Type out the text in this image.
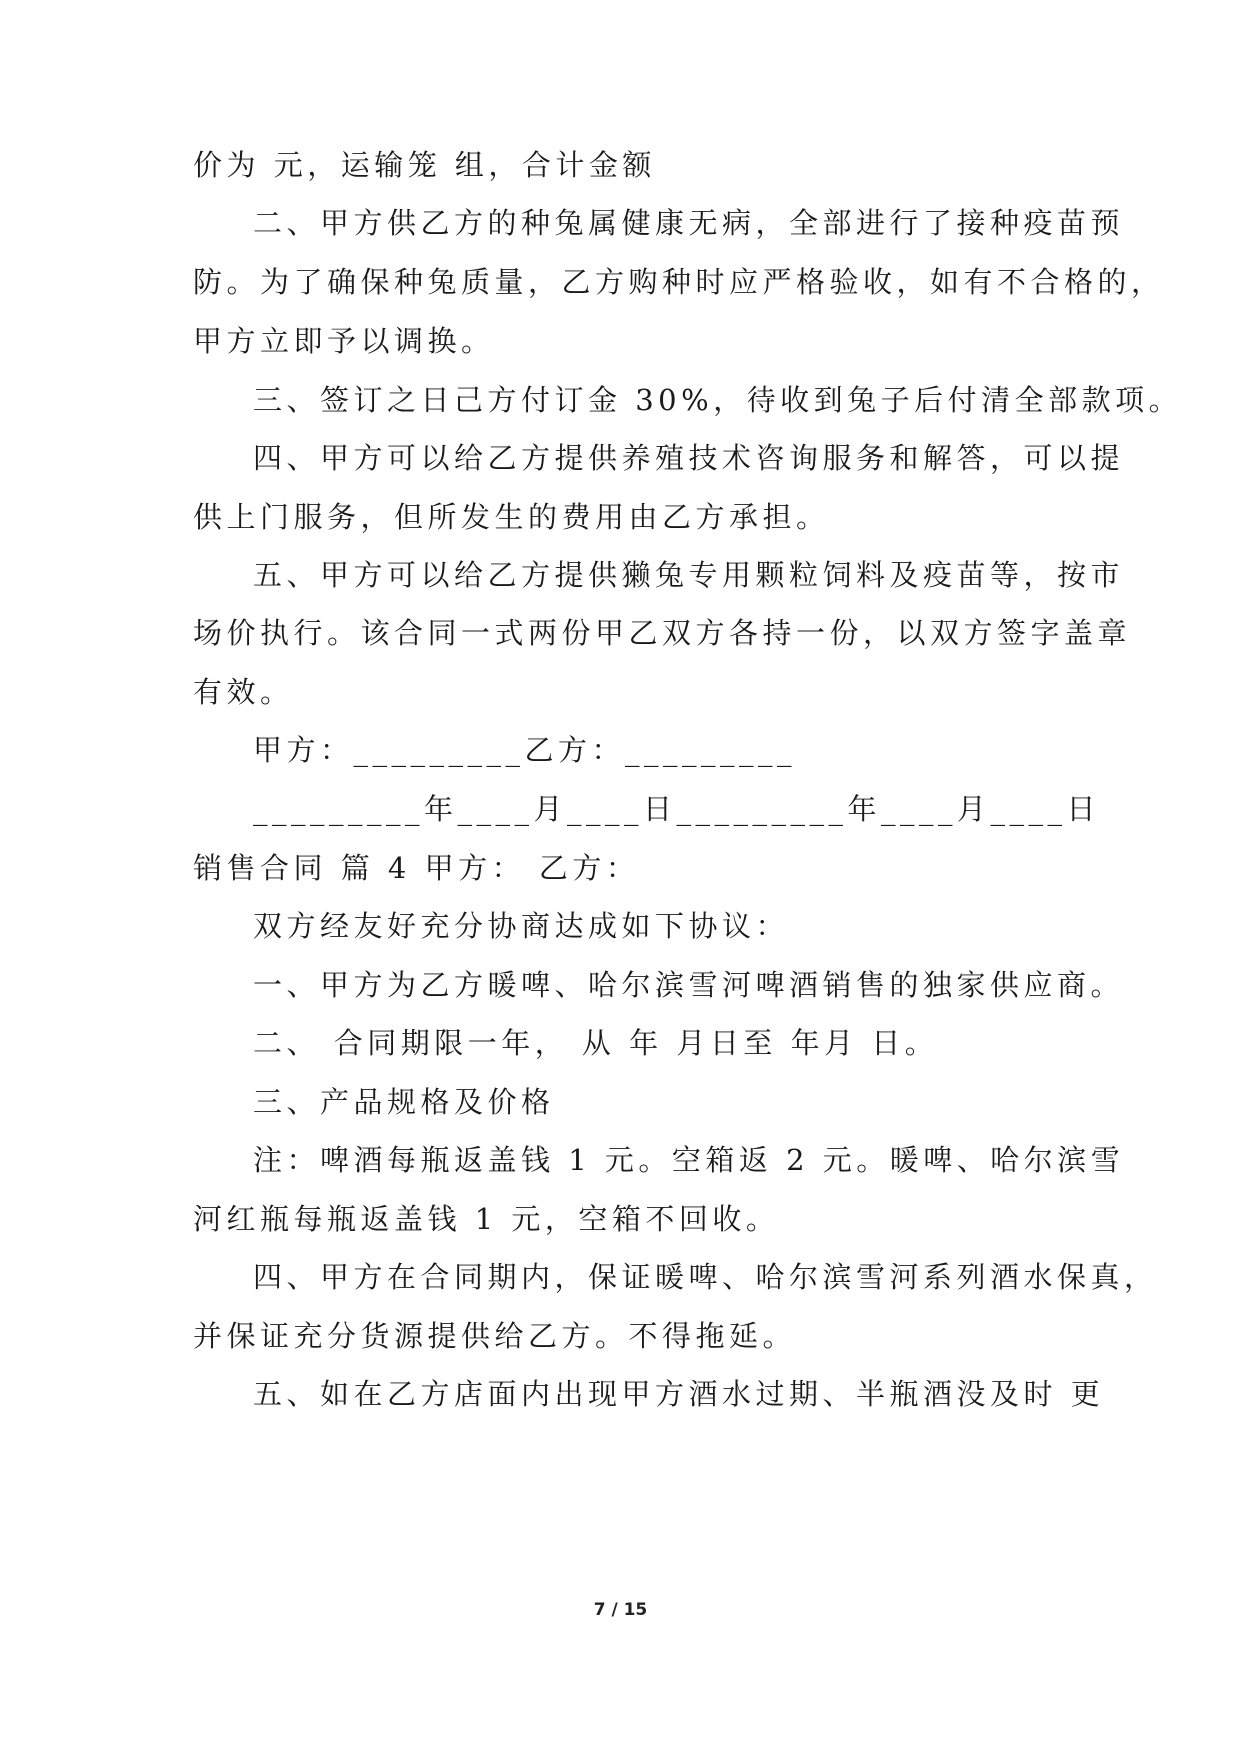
价为 元，运输笼 组，合计金额
二、甲方供乙方的种兔属健康无病，全部进行了接种疫苗预
防。为了确保种兔质量，乙方购种时应严格验收，如有不合格的，
甲方立即予以调换。
三、签订之日己方付订金 30%，待收到兔子后付清全部款项。
四、甲方可以给乙方提供养殖技术咨询服务和解答，可以提
供上门服务，但所发生的费用由乙方承担。
五、甲方可以给乙方提供獭兔专用颗粒饲料及疫苗等，按市
场价执行。该合同一式两份甲乙双方各持一份，以双方签字盖章
有效。
甲方：_________乙方：_________
_________年____月____日_________年____月____日
销售合同 篇 4 甲方： 乙方：
双方经友好充分协商达成如下协议：
一、甲方为乙方暖啤、哈尔滨雪河啤酒销售的独家供应商。
二、 合同期限一年， 从 年 月日至 年月 日。
三、产品规格及价格
注：啤酒每瓶返盖钱 1 元。空箱返 2 元。暖啤、哈尔滨雪
河红瓶每瓶返盖钱 1 元，空箱不回收。
四、甲方在合同期内，保证暖啤、哈尔滨雪河系列酒水保真，
并保证充分货源提供给乙方。不得拖延。
五、如在乙方店面内出现甲方酒水过期、半瓶酒没及时 更
7 / 15
